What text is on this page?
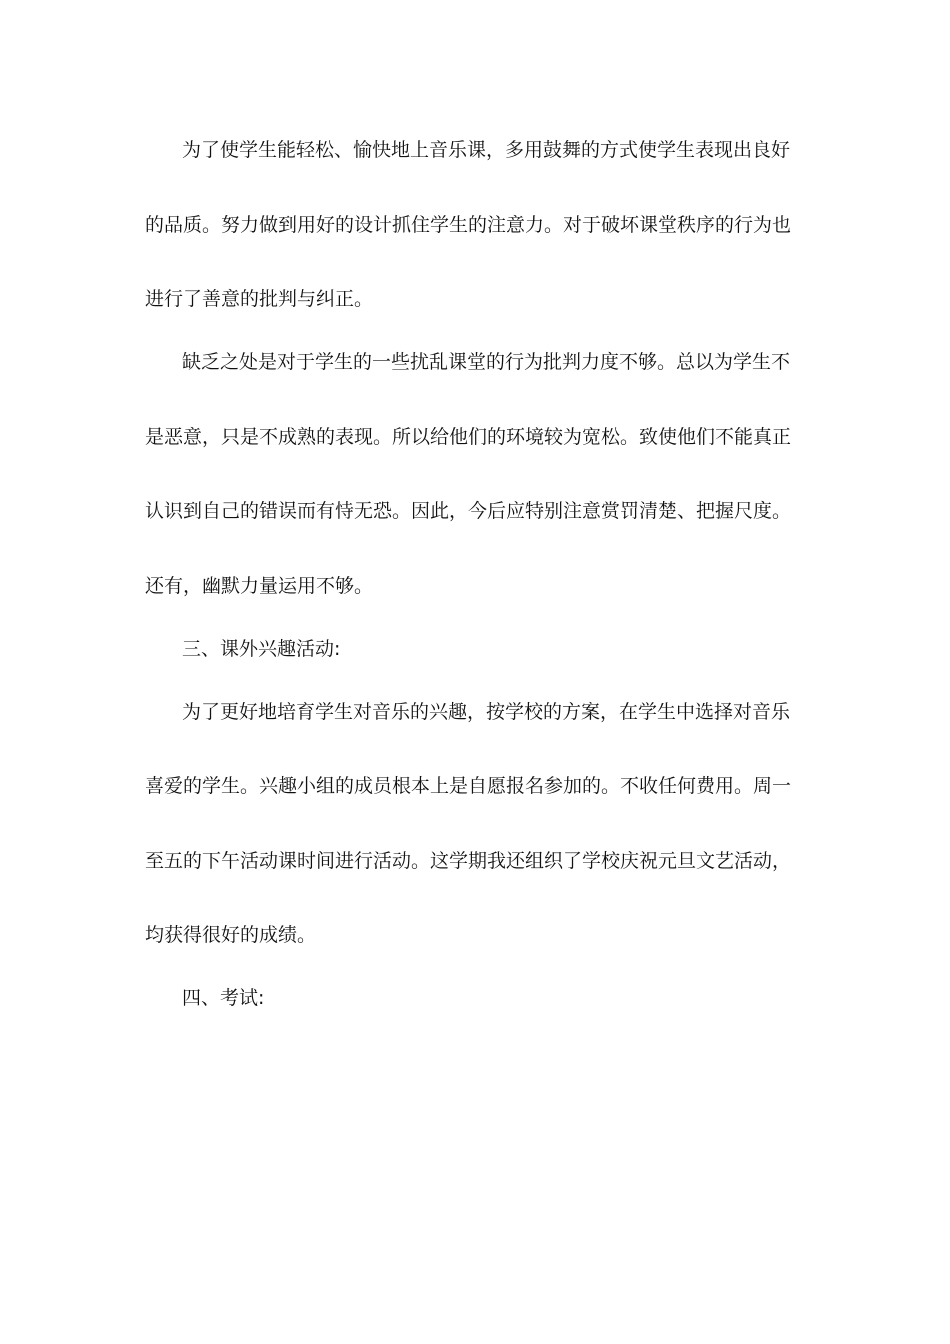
为了使学生能轻松、愉快地上音乐课，多用鼓舞的方式使学生表现出良好
的品质。努力做到用好的设计抓住学生的注意力。对于破坏课堂秩序的行为也
进行了善意的批判与纠正。
缺乏之处是对于学生的一些扰乱课堂的行为批判力度不够。总以为学生不
是恶意，只是不成熟的表现。所以给他们的环境较为宽松。致使他们不能真正
认识到自己的错误而有恃无恐。因此，今后应特别注意赏罚清楚、把握尺度。
还有，幽默力量运用不够。
三、课外兴趣活动:
为了更好地培育学生对音乐的兴趣，按学校的方案，在学生中选择对音乐
喜爱的学生。兴趣小组的成员根本上是自愿报名参加的。不收任何费用。周一
至五的下午活动课时间进行活动。这学期我还组织了学校庆祝元旦文艺活动，
均获得很好的成绩。
四、考试:
